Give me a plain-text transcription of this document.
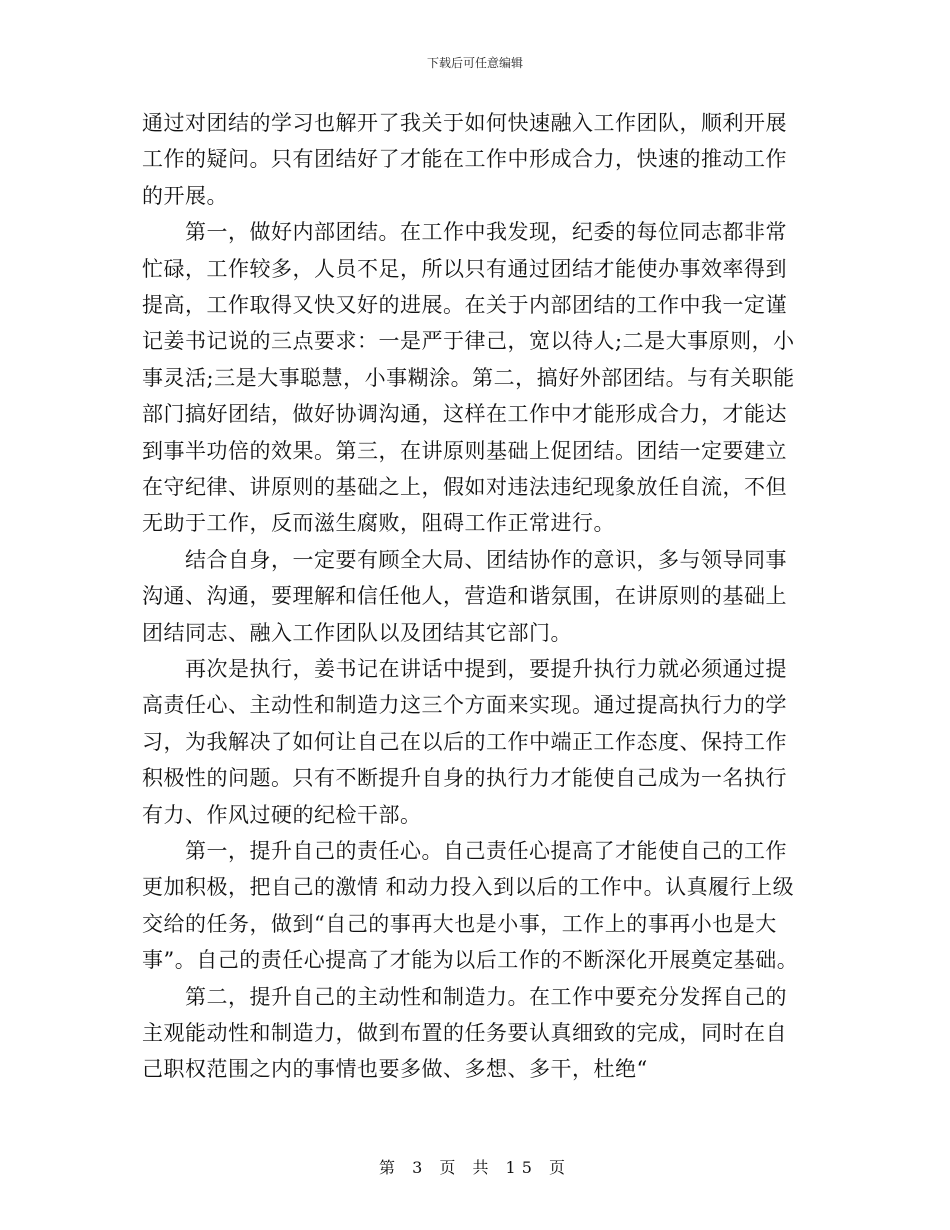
下载后可任意编辑
通过对团结的学习也解开了我关于如何快速融入工作团队，顺利开展
工作的疑问。只有团结好了才能在工作中形成合力，快速的推动工作
的开展。
　　第一，做好内部团结。在工作中我发现，纪委的每位同志都非常
忙碌，工作较多，人员不足，所以只有通过团结才能使办事效率得到
提高，工作取得又快又好的进展。在关于内部团结的工作中我一定谨
记姜书记说的三点要求：一是严于律己，宽以待人;二是大事原则，小
事灵活;三是大事聪慧，小事糊涂。第二，搞好外部团结。与有关职能
部门搞好团结，做好协调沟通，这样在工作中才能形成合力，才能达
到事半功倍的效果。第三，在讲原则基础上促团结。团结一定要建立
在守纪律、讲原则的基础之上，假如对违法违纪现象放任自流，不但
无助于工作，反而滋生腐败，阻碍工作正常进行。
　　结合自身，一定要有顾全大局、团结协作的意识，多与领导同事
沟通、沟通，要理解和信任他人，营造和谐氛围，在讲原则的基础上
团结同志、融入工作团队以及团结其它部门。
　　再次是执行，姜书记在讲话中提到，要提升执行力就必须通过提
高责任心、主动性和制造力这三个方面来实现。通过提高执行力的学
习，为我解决了如何让自己在以后的工作中端正工作态度、保持工作
积极性的问题。只有不断提升自身的执行力才能使自己成为一名执行
有力、作风过硬的纪检干部。
　　第一，提升自己的责任心。自己责任心提高了才能使自己的工作
更加积极，把自己的激情 和动力投入到以后的工作中。认真履行上级
交给的任务，做到“自己的事再大也是小事，工作上的事再小也是大
事”。自己的责任心提高了才能为以后工作的不断深化开展奠定基础。
　　第二，提升自己的主动性和制造力。在工作中要充分发挥自己的
主观能动性和制造力，做到布置的任务要认真细致的完成，同时在自
己职权范围之内的事情也要多做、多想、多干，杜绝“
第 3 页 共 15 页
